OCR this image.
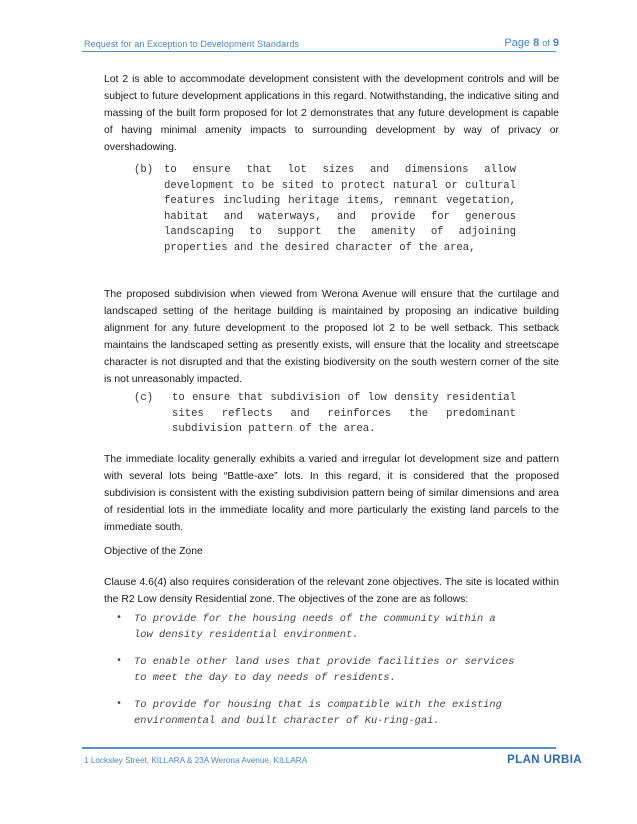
Request for an Exception to Development Standards	Page 8 of 9

Lot 2 is able to accommodate development consistent with the development controls and will be subject to future development applications in this regard. Notwithstanding, the indicative siting and massing of the built form proposed for lot 2 demonstrates that any future development is capable of having minimal amenity impacts to surrounding development by way of privacy or overshadowing.

(b)	to ensure that lot sizes and dimensions allow development to be sited to protect natural or cultural features including heritage items, remnant vegetation, habitat and waterways, and provide for generous landscaping to support the amenity of adjoining properties and the desired character of the area,

The proposed subdivision when viewed from Werona Avenue will ensure that the curtilage and landscaped setting of the heritage building is maintained by proposing an indicative building alignment for any future development to the proposed lot 2 to be well setback. This setback maintains the landscaped setting as presently exists, will ensure that the locality and streetscape character is not disrupted and that the existing biodiversity on the south western corner of the site is not unreasonably impacted.

(c)	to ensure that subdivision of low density residential sites reflects and reinforces the predominant subdivision pattern of the area.

The immediate locality generally exhibits a varied and irregular lot development size and pattern with several lots being “Battle-axe” lots. In this regard, it is considered that the proposed subdivision is consistent with the existing subdivision pattern being of similar dimensions and area of residential lots in the immediate locality and more particularly the existing land parcels to the immediate south.

Objective of the Zone

Clause 4.6(4) also requires consideration of the relevant zone objectives. The site is located within the R2 Low density Residential zone. The objectives of the zone are as follows:

• To provide for the housing needs of the community within a low density residential environment.
• To enable other land uses that provide facilities or services to meet the day to day needs of residents.
• To provide for housing that is compatible with the existing environmental and built character of Ku-ring-gai.
1 Locksley Street, KILLARA & 23A Werona Avenue, KILLARA	PLAN URBIA
